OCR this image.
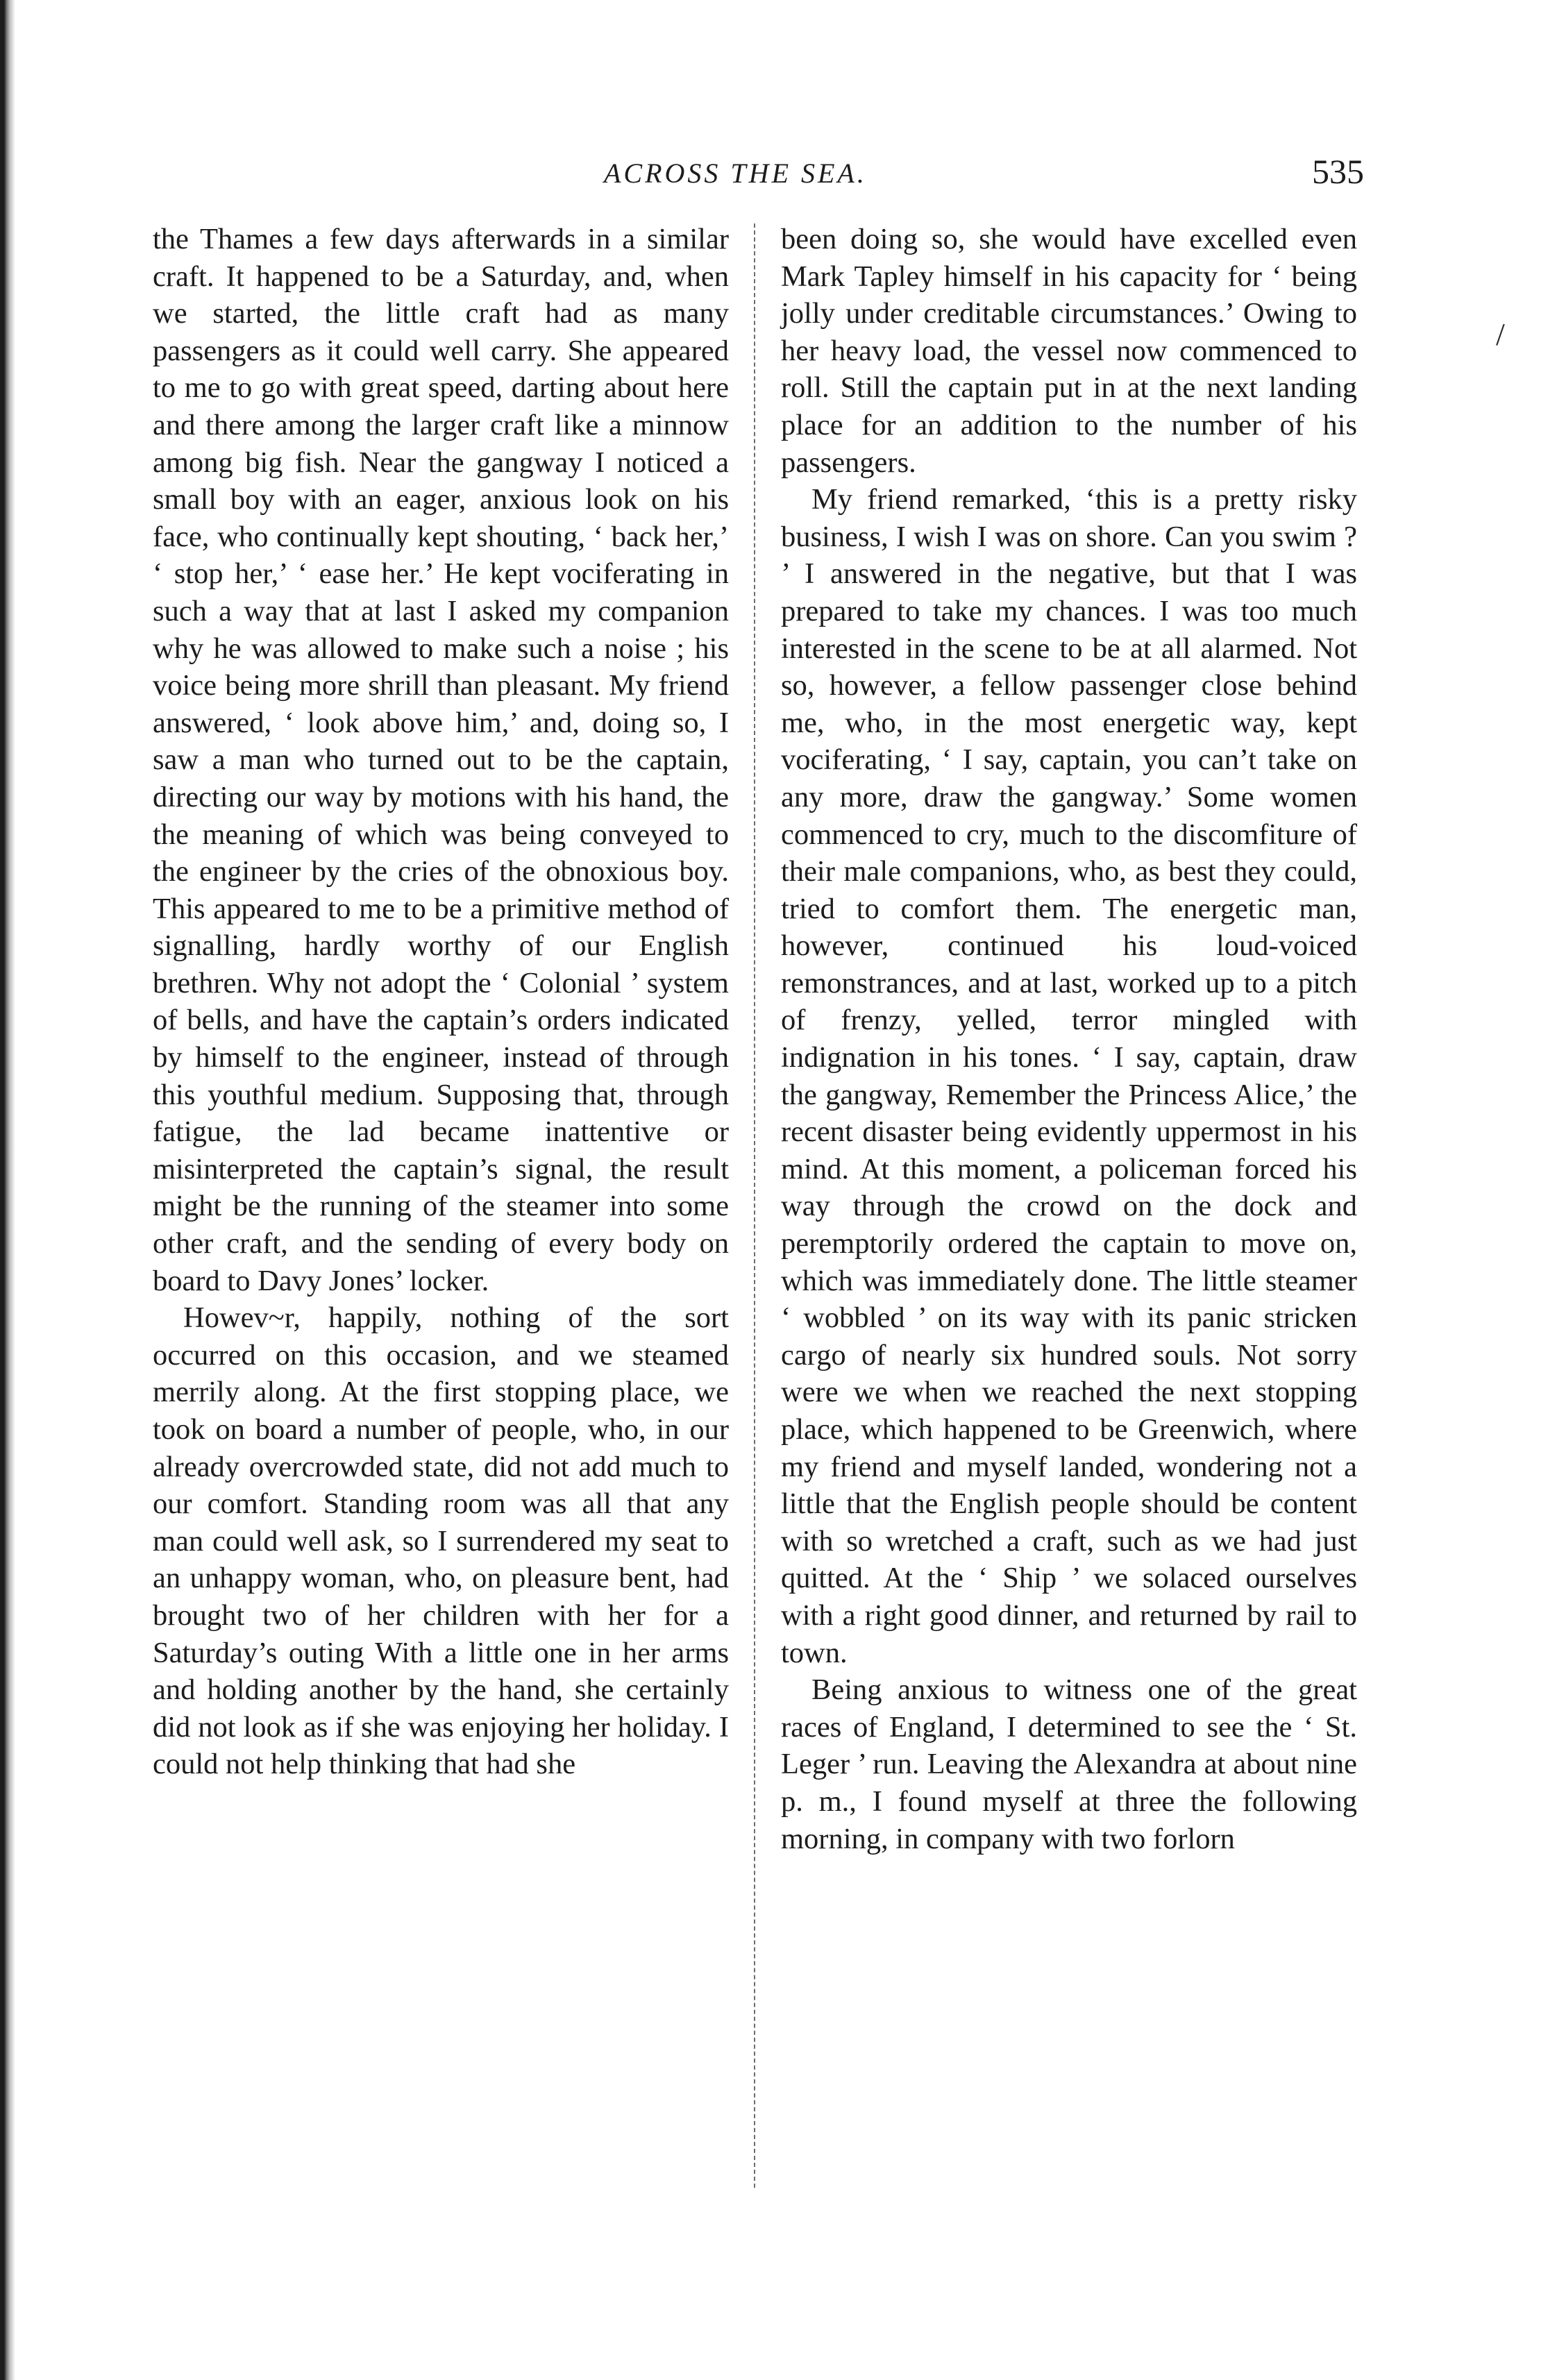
ACROSS THE SEA.	535
/

the Thames a few days afterwards in a similar craft. It happened to be a Saturday, and, when we started, the little craft had as many passengers as it could well carry. She appeared to me to go with great speed, darting about here and there among the larger craft like a minnow among big fish. Near the gangway I noticed a small boy with an eager, anxious look on his face, who continually kept shouting, ‘ back her,’ ‘ stop her,’ ‘ ease her.’ He kept vociferating in such a way that at last I asked my companion why he was allowed to make such a noise ; his voice being more shrill than pleasant. My friend answered, ‘ look above him,’ and, doing so, I saw a man who turned out to be the captain, directing our way by motions with his hand, the the meaning of which was being conveyed to the engineer by the cries of the obnoxious boy. This appeared to me to be a primitive method of signalling, hardly worthy of our English brethren. Why not adopt the ‘ Colonial ’ system of bells, and have the captain’s orders indicated by himself to the engineer, instead of through this youthful medium. Supposing that, through fatigue, the lad became inattentive or misinterpreted the captain’s signal, the result might be the running of the steamer into some other craft, and the sending of every body on board to Davy Jones’ locker.

Howev~r, happily, nothing of the sort occurred on this occasion, and we steamed merrily along. At the first stopping place, we took on board a number of people, who, in our already overcrowded state, did not add much to our comfort. Standing room was all that any man could well ask, so I surrendered my seat to an unhappy woman, who, on pleasure bent, had brought two of her children with her for a Saturday’s outing With a little one in her arms and holding another by the hand, she certainly did not look as if she was enjoying her holiday. I could not help thinking that had she

been doing so, she would have excelled even Mark Tapley himself in his capacity for ‘ being jolly under creditable circumstances.’ Owing to her heavy load, the vessel now commenced to roll. Still the captain put in at the next landing place for an addition to the number of his passengers.

My friend remarked, ‘this is a pretty risky business, I wish I was on shore. Can you swim ? ’ I answered in the negative, but that I was prepared to take my chances. I was too much interested in the scene to be at all alarmed. Not so, however, a fellow passenger close behind me, who, in the most energetic way, kept vociferating, ‘ I say, captain, you can’t take on any more, draw the gangway.’ Some women commenced to cry, much to the discomfiture of their male companions, who, as best they could, tried to comfort them. The energetic man, however, continued his loud-voiced remonstrances, and at last, worked up to a pitch of frenzy, yelled, terror mingled with indignation in his tones. ‘ I say, captain, draw the gangway, Remember the Princess Alice,’ the recent disaster being evidently uppermost in his mind. At this moment, a policeman forced his way through the crowd on the dock and peremptorily ordered the captain to move on, which was immediately done. The little steamer ‘ wobbled ’ on its way with its panic stricken cargo of nearly six hundred souls. Not sorry were we when we reached the next stopping place, which happened to be Greenwich, where my friend and myself landed, wondering not a little that the English people should be content with so wretched a craft, such as we had just quitted. At the ‘ Ship ’ we solaced ourselves with a right good dinner, and returned by rail to town.

Being anxious to witness one of the great races of England, I determined to see the ‘ St. Leger ’ run. Leaving the Alexandra at about nine p. m., I found myself at three the following morning, in company with two forlorn
